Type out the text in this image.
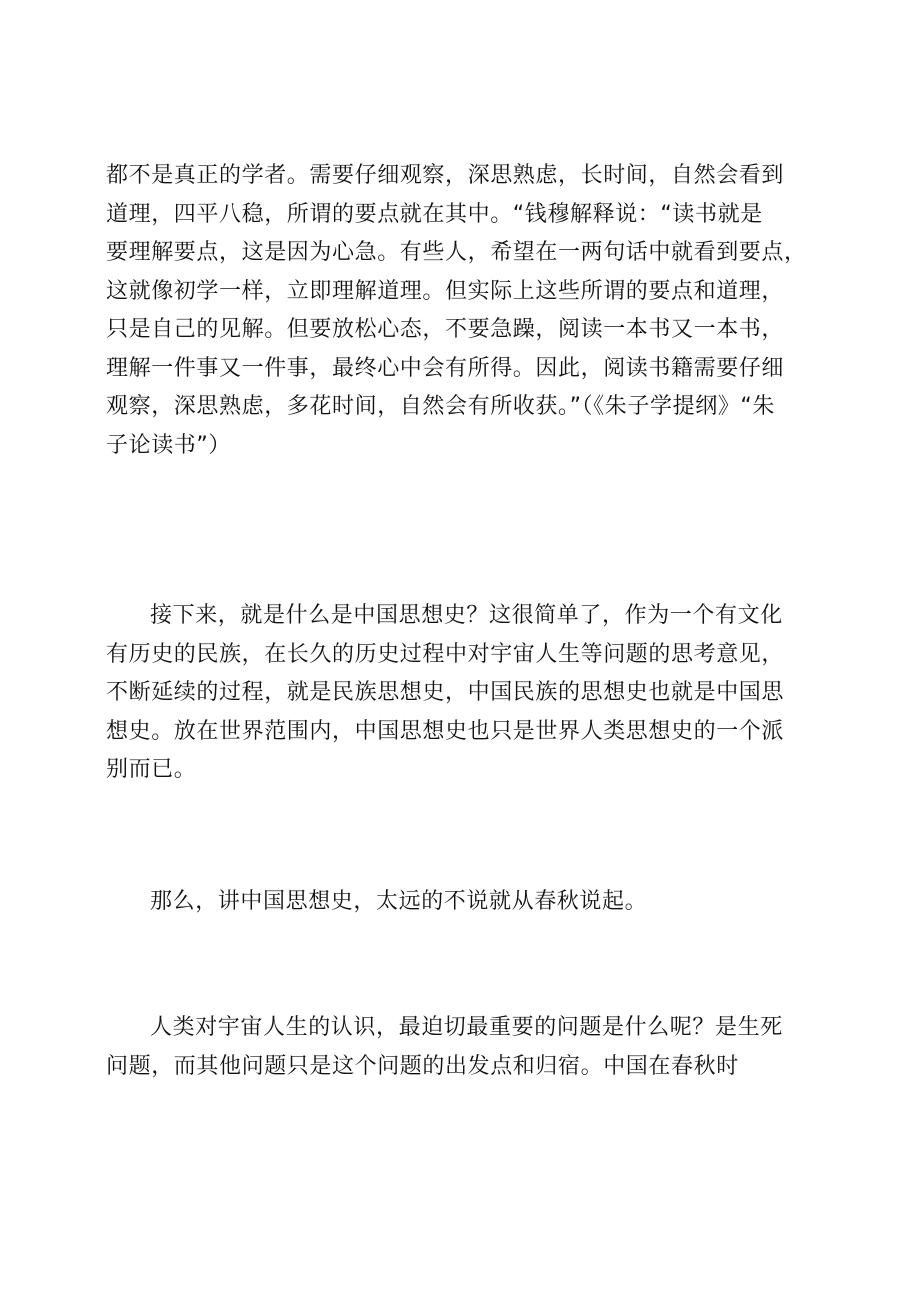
都不是真正的学者。需要仔细观察，深思熟虑，长时间，自然会看到
道理，四平八稳，所谓的要点就在其中。“钱穆解释说：“读书就是
要理解要点，这是因为心急。有些人，希望在一两句话中就看到要点，
这就像初学一样，立即理解道理。但实际上这些所谓的要点和道理，
只是自己的见解。但要放松心态，不要急躁，阅读一本书又一本书，
理解一件事又一件事，最终心中会有所得。因此，阅读书籍需要仔细
观察，深思熟虑，多花时间，自然会有所收获。”（《朱子学提纲》“朱
子论读书”）

接下来，就是什么是中国思想史？这很简单了，作为一个有文化
有历史的民族，在长久的历史过程中对宇宙人生等问题的思考意见，
不断延续的过程，就是民族思想史，中国民族的思想史也就是中国思
想史。放在世界范围内，中国思想史也只是世界人类思想史的一个派
别而已。

那么，讲中国思想史，太远的不说就从春秋说起。

人类对宇宙人生的认识，最迫切最重要的问题是什么呢？是生死
问题，而其他问题只是这个问题的出发点和归宿。中国在春秋时
